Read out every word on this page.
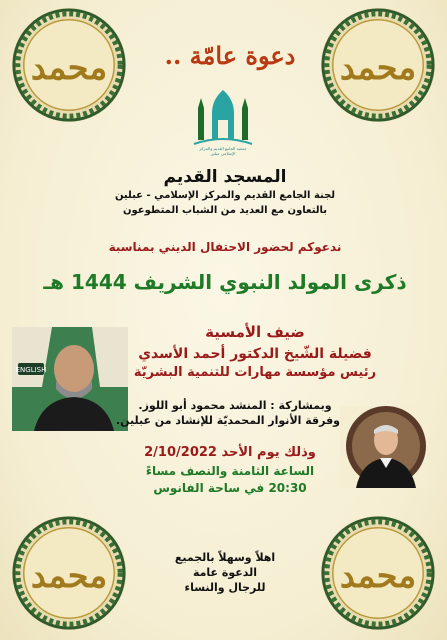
محمد	محمد
محمد	محمد
دعوة عامّة ..
جمعية الجامع القديم والمركز الإسلامي عبلين
المسجد القديم
لجنة الجامع القديم والمركز الإسلامي - عبلين
بالتعاون مع العديد من الشباب المتطوعون
ندعوكم لحضور الاحتفال الديني بمناسبة
ذكرى المولد النبوي الشريف 1444 هـ
ضيف الأمسية
فضيلة الشّيخ الدكتور أحمد الأسدي
رئيس مؤسسة مهارات للتنمية البشريّة
ENGLISH
وبمشاركة : المنشد محمود أبو اللوز.
وفرقة الأنوار المحمديّة للإنشاد من عبلين.
وذلك يوم الأحد 2/10/2022
الساعة الثامنة والنصف مساءً
20:30 في ساحة الفانوس
اهلاً وسهلاً بالجميع
الدعوة عامة
للرجال والنساء
